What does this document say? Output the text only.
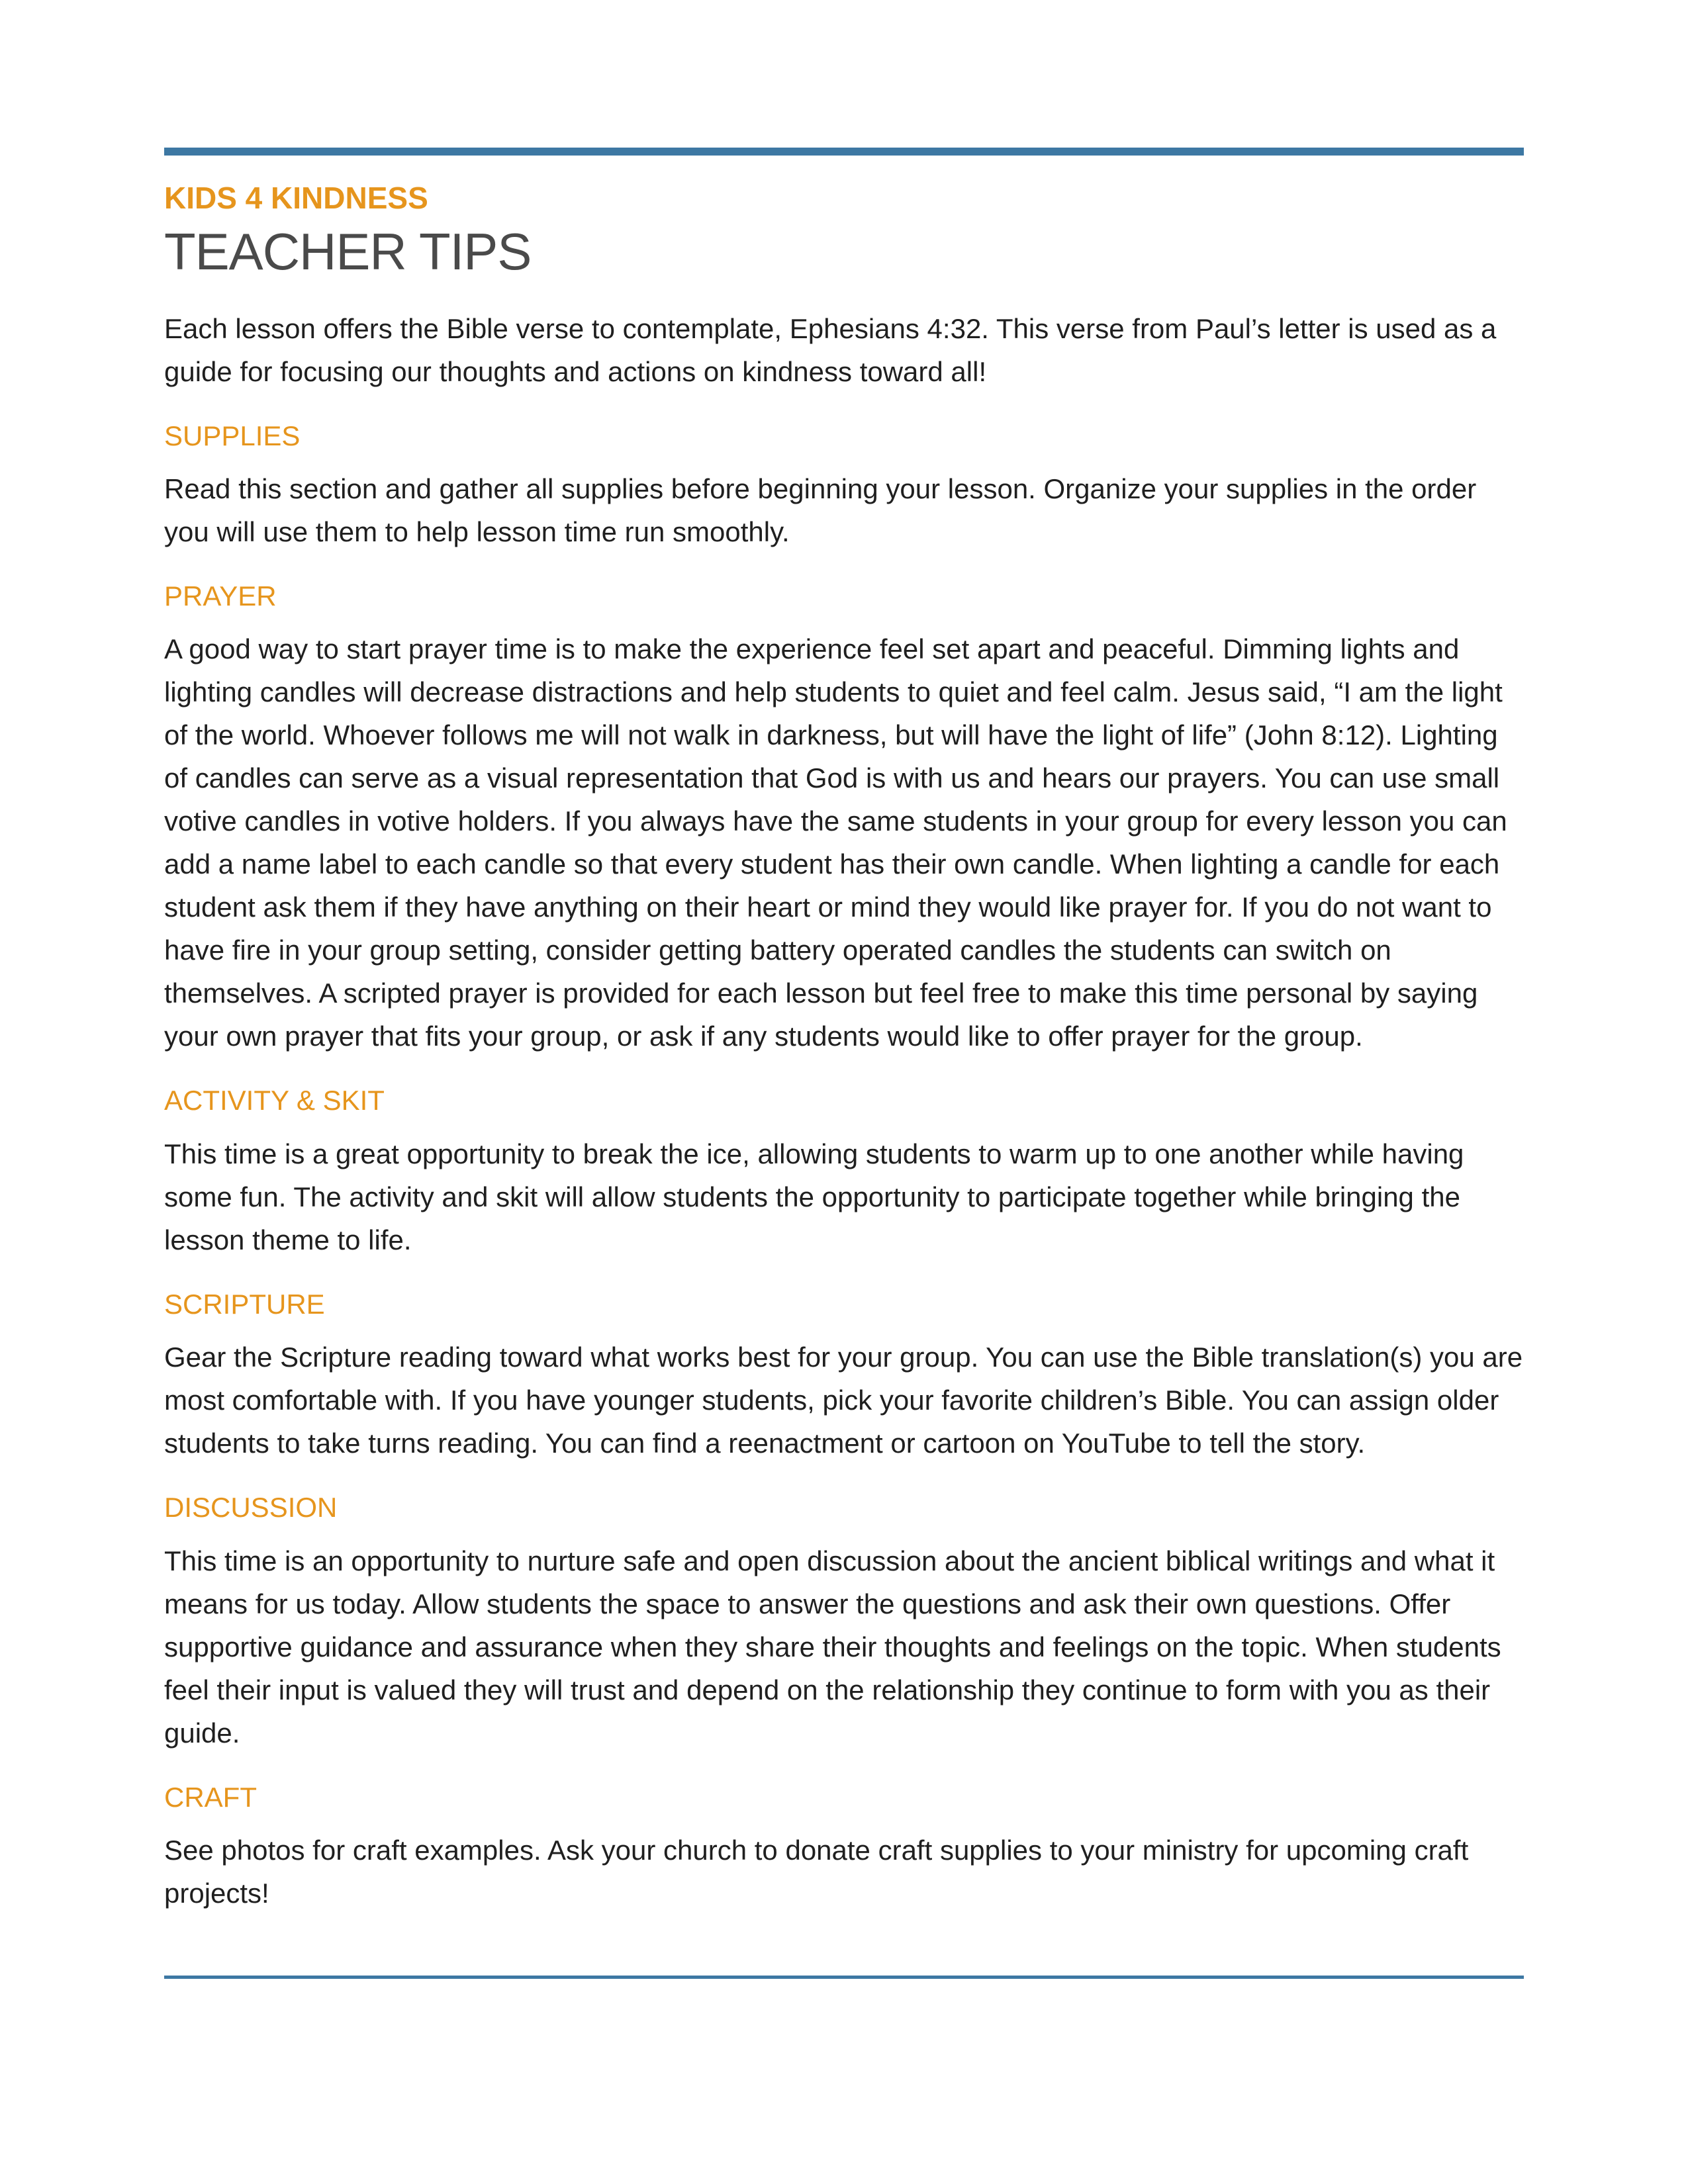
KIDS 4 KINDNESS
TEACHER TIPS

Each lesson offers the Bible verse to contemplate, Ephesians 4:32. This verse from Paul’s letter is used as a guide for focusing our thoughts and actions on kindness toward all!

SUPPLIES

Read this section and gather all supplies before beginning your lesson. Organize your supplies in the order you will use them to help lesson time run smoothly.

PRAYER

A good way to start prayer time is to make the experience feel set apart and peaceful. Dimming lights and lighting candles will decrease distractions and help students to quiet and feel calm. Jesus said, “I am the light of the world. Whoever follows me will not walk in darkness, but will have the light of life” (John 8:12). Lighting of candles can serve as a visual representation that God is with us and hears our prayers. You can use small votive candles in votive holders. If you always have the same students in your group for every lesson you can add a name label to each candle so that every student has their own candle. When lighting a candle for each student ask them if they have anything on their heart or mind they would like prayer for. If you do not want to have fire in your group setting, consider getting battery operated candles the students can switch on themselves. A scripted prayer is provided for each lesson but feel free to make this time personal by saying your own prayer that fits your group, or ask if any students would like to offer prayer for the group.

ACTIVITY & SKIT

This time is a great opportunity to break the ice, allowing students to warm up to one another while having some fun. The activity and skit will allow students the opportunity to participate together while bringing the lesson theme to life.

SCRIPTURE

Gear the Scripture reading toward what works best for your group. You can use the Bible translation(s) you are most comfortable with. If you have younger students, pick your favorite children’s Bible. You can assign older students to take turns reading. You can find a reenactment or cartoon on YouTube to tell the story.

DISCUSSION

This time is an opportunity to nurture safe and open discussion about the ancient biblical writings and what it means for us today. Allow students the space to answer the questions and ask their own questions. Offer supportive guidance and assurance when they share their thoughts and feelings on the topic. When students feel their input is valued they will trust and depend on the relationship they continue to form with you as their guide.

CRAFT

See photos for craft examples. Ask your church to donate craft supplies to your ministry for upcoming craft projects!
